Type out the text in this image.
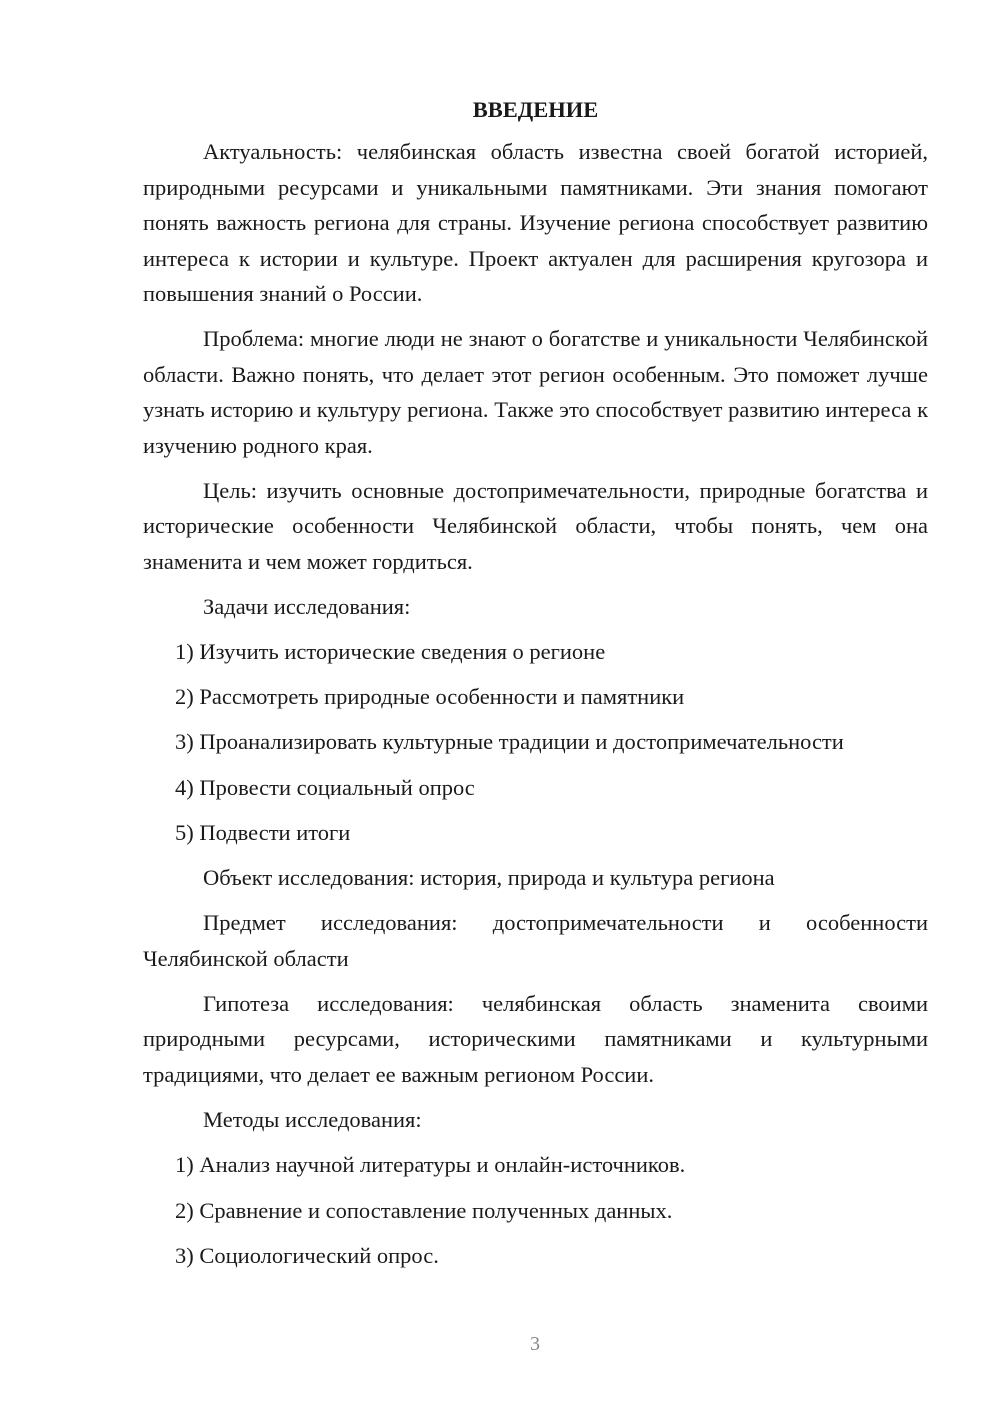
ВВЕДЕНИЕ

Актуальность: челябинская область известна своей богатой историей, природными ресурсами и уникальными памятниками. Эти знания помогают понять важность региона для страны. Изучение региона способствует развитию интереса к истории и культуре. Проект актуален для расширения кругозора и повышения знаний о России.

Проблема: многие люди не знают о богатстве и уникальности Челябинской области. Важно понять, что делает этот регион особенным. Это поможет лучше узнать историю и культуру региона. Также это способствует развитию интереса к изучению родного края.

Цель: изучить основные достопримечательности, природные богатства и исторические особенности Челябинской области, чтобы понять, чем она знаменита и чем может гордиться.

Задачи исследования:
1) Изучить исторические сведения о регионе
2) Рассмотреть природные особенности и памятники
3) Проанализировать культурные традиции и достопримечательности
4) Провести социальный опрос
5) Подвести итоги
Объект исследования: история, природа и культура региона

Предмет исследования: достопримечательности и особенности Челябинской области

Гипотеза исследования: челябинская область знаменита своими природными ресурсами, историческими памятниками и культурными традициями, что делает ее важным регионом России.

Методы исследования:
1) Анализ научной литературы и онлайн-источников.
2) Сравнение и сопоставление полученных данных.
3) Социологический опрос.
3
